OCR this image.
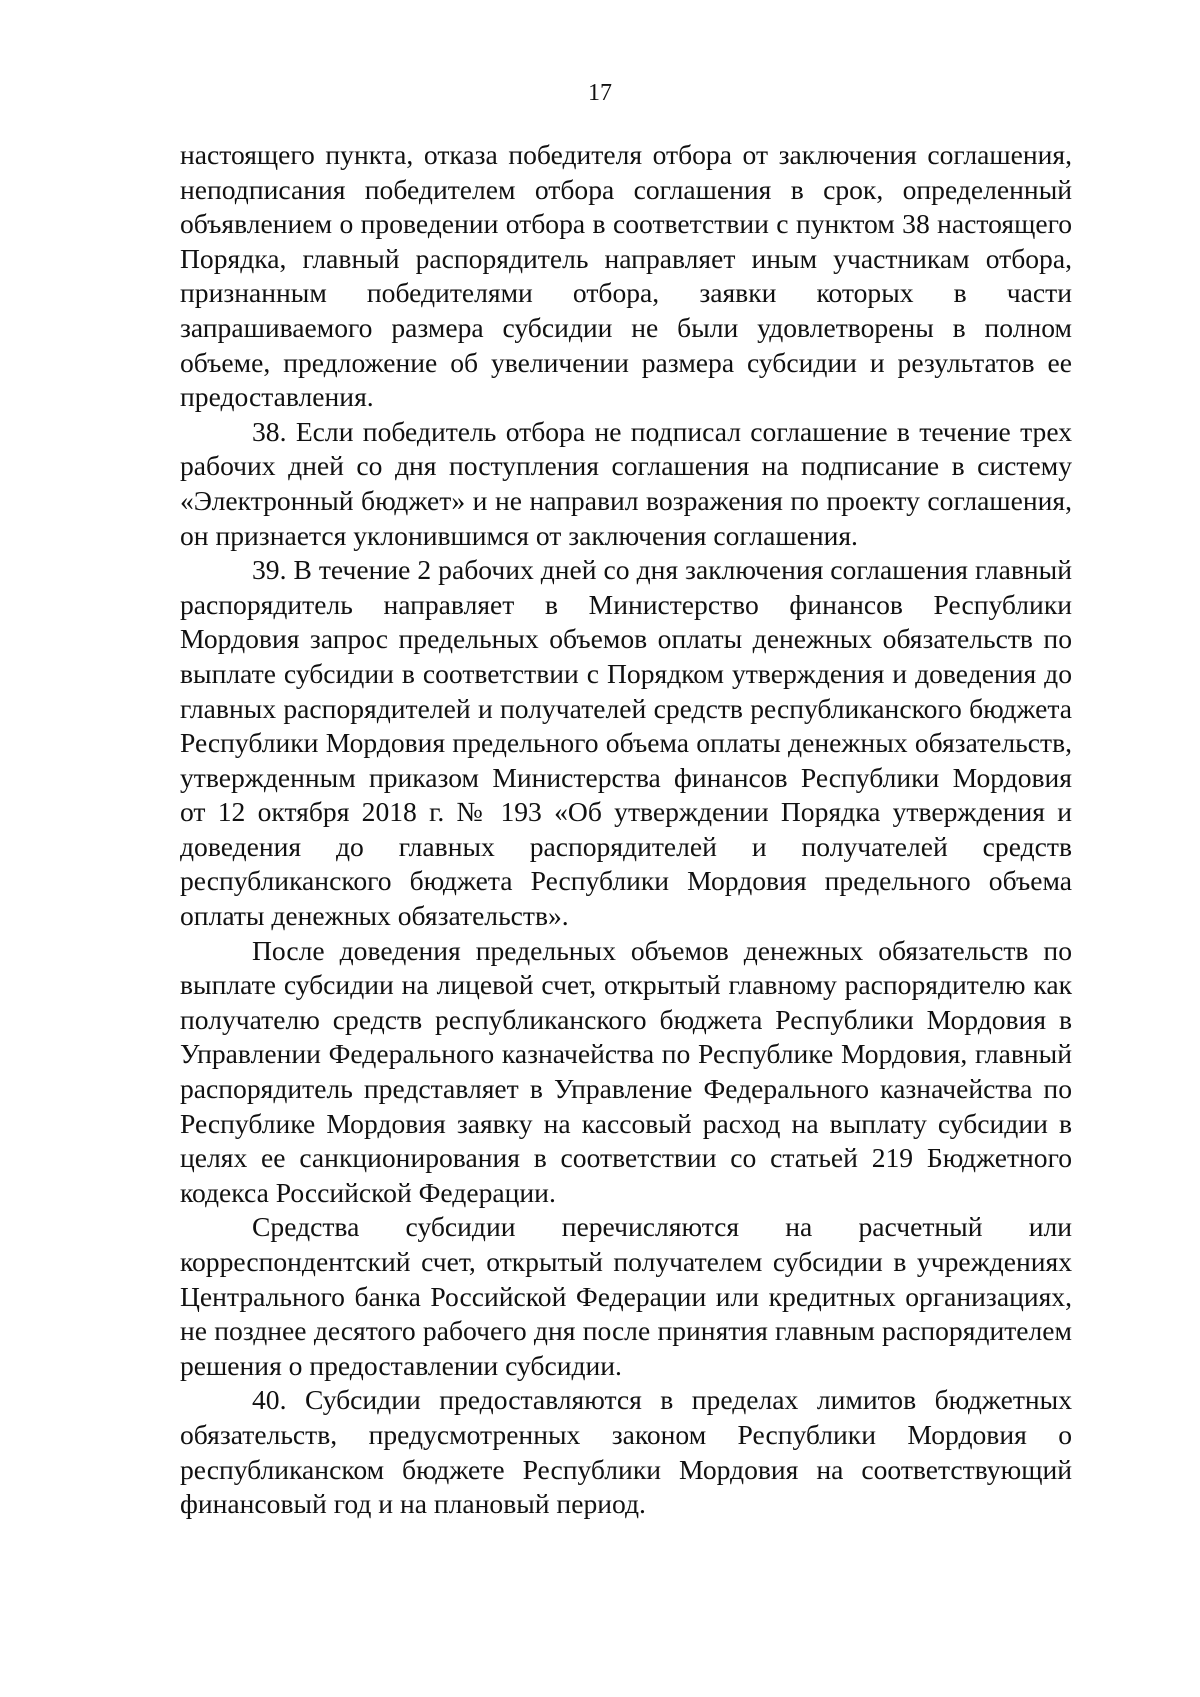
17

настоящего пункта, отказа победителя отбора от заключения соглашения, неподписания победителем отбора соглашения в срок, определенный объявлением о проведении отбора в соответствии с пунктом 38 настоящего Порядка, главный распорядитель направляет иным участникам отбора, признанным победителями отбора, заявки которых в части запрашиваемого размера субсидии не были удовлетворены в полном объеме, предложение об увеличении размера субсидии и результатов ее предоставления.

38. Если победитель отбора не подписал соглашение в течение трех рабочих дней со дня поступления соглашения на подписание в систему «Электронный бюджет» и не направил возражения по проекту соглашения, он признается уклонившимся от заключения соглашения.

39. В течение 2 рабочих дней со дня заключения соглашения главный распорядитель направляет в Министерство финансов Республики Мордовия запрос предельных объемов оплаты денежных обязательств по выплате субсидии в соответствии с Порядком утверждения и доведения до главных распорядителей и получателей средств республиканского бюджета Республики Мордовия предельного объема оплаты денежных обязательств, утвержденным приказом Министерства финансов Республики Мордовия от 12 октября 2018 г. № 193 «Об утверждении Порядка утверждения и доведения до главных распорядителей и получателей средств республиканского бюджета Республики Мордовия предельного объема оплаты денежных обязательств».

После доведения предельных объемов денежных обязательств по выплате субсидии на лицевой счет, открытый главному распорядителю как получателю средств республиканского бюджета Республики Мордовия в Управлении Федерального казначейства по Республике Мордовия, главный распорядитель представляет в Управление Федерального казначейства по Республике Мордовия заявку на кассовый расход на выплату субсидии в целях ее санкционирования в соответствии со статьей 219 Бюджетного кодекса Российской Федерации.

Средства субсидии перечисляются на расчетный или корреспондентский счет, открытый получателем субсидии в учреждениях Центрального банка Российской Федерации или кредитных организациях, не позднее десятого рабочего дня после принятия главным распорядителем решения о предоставлении субсидии.

40. Субсидии предоставляются в пределах лимитов бюджетных обязательств, предусмотренных законом Республики Мордовия о республиканском бюджете Республики Мордовия на соответствующий финансовый год и на плановый период.
